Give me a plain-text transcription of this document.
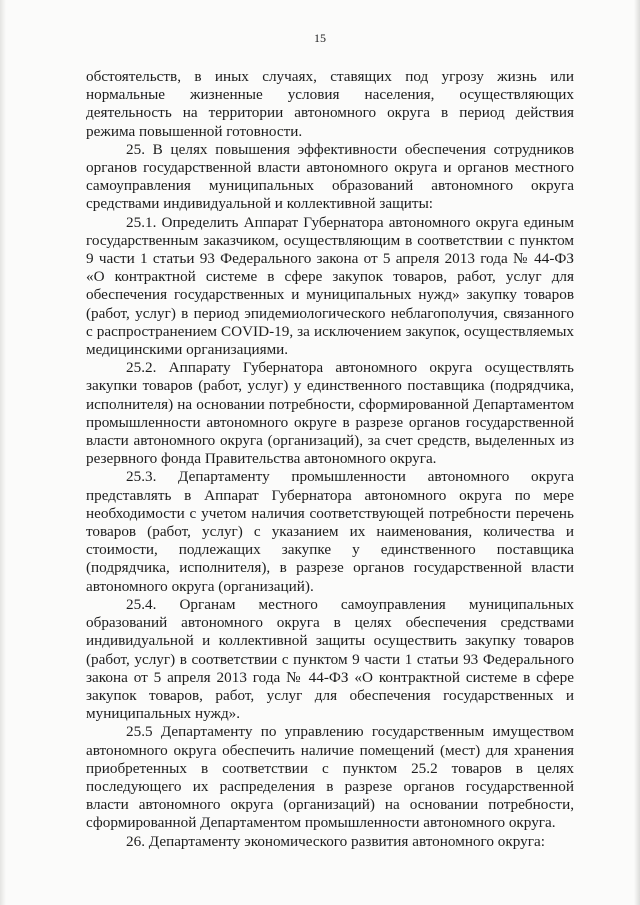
15

обстоятельств, в иных случаях, ставящих под угрозу жизнь или нормальные жизненные условия населения, осуществляющих деятельность на территории автономного округа в период действия режима повышенной готовности.

25. В целях повышения эффективности обеспечения сотрудников органов государственной власти автономного округа и органов местного самоуправления муниципальных образований автономного округа средствами индивидуальной и коллективной защиты:

25.1. Определить Аппарат Губернатора автономного округа единым государственным заказчиком, осуществляющим в соответствии с пунктом 9 части 1 статьи 93 Федерального закона от 5 апреля 2013 года № 44-ФЗ «О контрактной системе в сфере закупок товаров, работ, услуг для обеспечения государственных и муниципальных нужд» закупку товаров (работ, услуг) в период эпидемиологического неблагополучия, связанного с распространением COVID-19, за исключением закупок, осуществляемых медицинскими организациями.

25.2. Аппарату Губернатора автономного округа осуществлять закупки товаров (работ, услуг) у единственного поставщика (подрядчика, исполнителя) на основании потребности, сформированной Департаментом промышленности автономного округе в разрезе органов государственной власти автономного округа (организаций), за счет средств, выделенных из резервного фонда Правительства автономного округа.

25.3. Департаменту промышленности автономного округа представлять в Аппарат Губернатора автономного округа по мере необходимости с учетом наличия соответствующей потребности перечень товаров (работ, услуг) с указанием их наименования, количества и стоимости, подлежащих закупке у единственного поставщика (подрядчика, исполнителя), в разрезе органов государственной власти автономного округа (организаций).

25.4. Органам местного самоуправления муниципальных образований автономного округа в целях обеспечения средствами индивидуальной и коллективной защиты осуществить закупку товаров (работ, услуг) в соответствии с пунктом 9 части 1 статьи 93 Федерального закона от 5 апреля 2013 года № 44-ФЗ «О контрактной системе в сфере закупок товаров, работ, услуг для обеспечения государственных и муниципальных нужд».

25.5 Департаменту по управлению государственным имуществом автономного округа обеспечить наличие помещений (мест) для хранения приобретенных в соответствии с пунктом 25.2 товаров в целях последующего их распределения в разрезе органов государственной власти автономного округа (организаций) на основании потребности, сформированной Департаментом промышленности автономного округа.

26. Департаменту экономического развития автономного округа:
